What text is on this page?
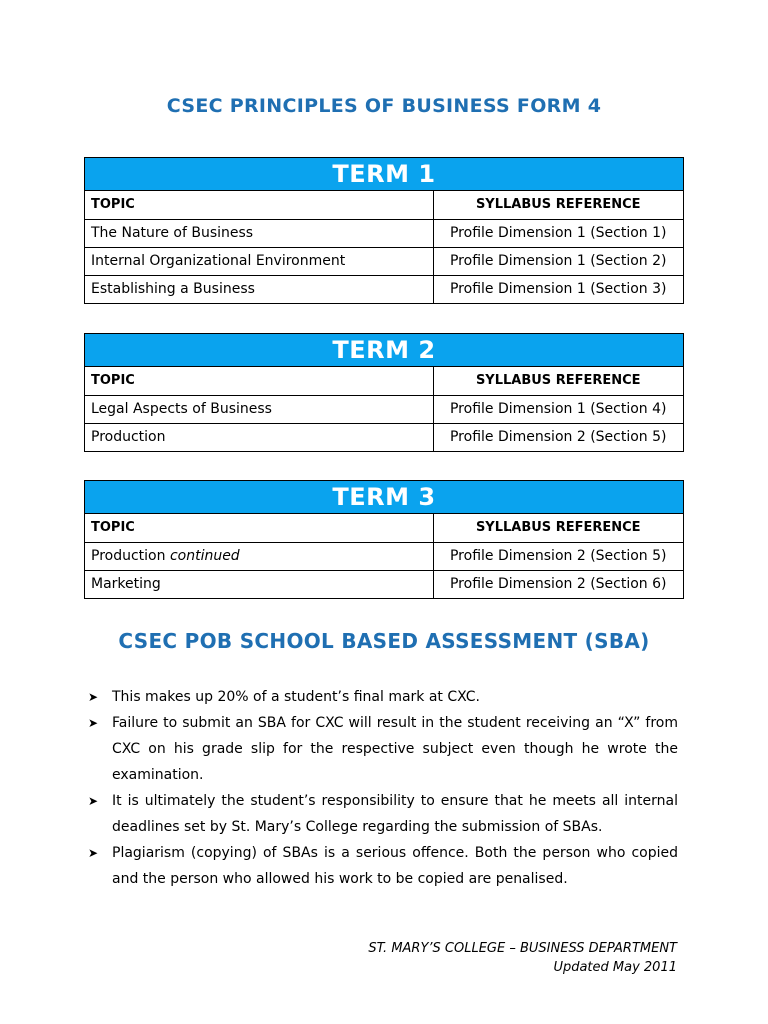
CSEC PRINCIPLES OF BUSINESS FORM 4
TERM 1
TOPIC	SYLLABUS REFERENCE
The Nature of Business	Profile Dimension 1 (Section 1)
Internal Organizational Environment	Profile Dimension 1 (Section 2)
Establishing a Business	Profile Dimension 1 (Section 3)
TERM 2
TOPIC	SYLLABUS REFERENCE
Legal Aspects of Business	Profile Dimension 1 (Section 4)
Production	Profile Dimension 2 (Section 5)
TERM 3
TOPIC	SYLLABUS REFERENCE
Production continued	Profile Dimension 2 (Section 5)
Marketing	Profile Dimension 2 (Section 6)
CSEC POB SCHOOL BASED ASSESSMENT (SBA)
➤ This makes up 20% of a student’s final mark at CXC.
➤ Failure to submit an SBA for CXC will result in the student receiving an “X” from CXC on his grade slip for the respective subject even though he wrote the examination.
➤ It is ultimately the student’s responsibility to ensure that he meets all internal deadlines set by St. Mary’s College regarding the submission of SBAs.
➤ Plagiarism (copying) of SBAs is a serious offence. Both the person who copied and the person who allowed his work to be copied are penalised.
ST. MARY’S COLLEGE – BUSINESS DEPARTMENT
Updated May 2011
